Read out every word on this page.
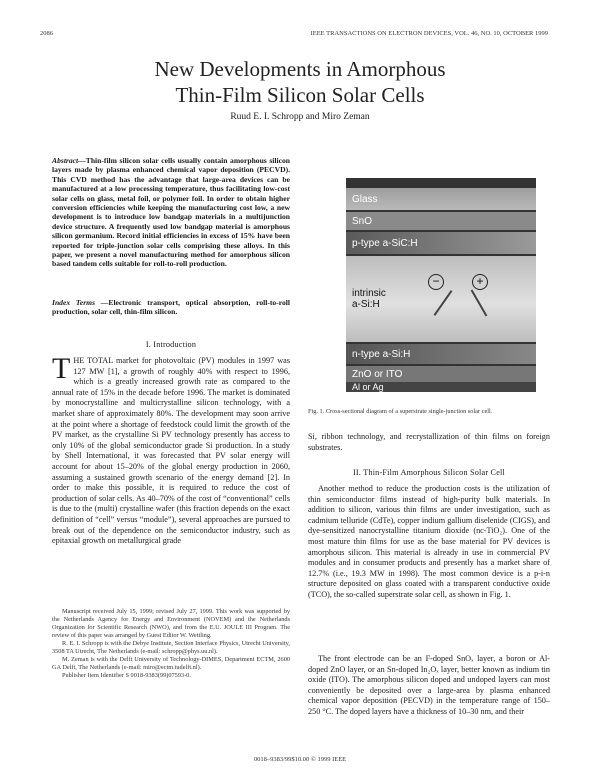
2086	IEEE TRANSACTIONS ON ELECTRON DEVICES, VOL. 46, NO. 10, OCTOBER 1999
New Developments in Amorphous
Thin-Film Silicon Solar Cells
Ruud E. I. Schropp and Miro Zeman
Abstract—Thin-film silicon solar cells usually contain amorphous silicon layers made by plasma enhanced chemical vapor deposition (PECVD). This CVD method has the advantage that large-area devices can be manufactured at a low processing temperature, thus facilitating low-cost solar cells on glass, metal foil, or polymer foil. In order to obtain higher conversion efficiencies while keeping the manufacturing cost low, a new development is to introduce low bandgap materials in a multijunction device structure. A frequently used low bandgap material is amorphous silicon germanium. Record initial efficiencies in excess of 15% have been reported for triple-junction solar cells comprising these alloys. In this paper, we present a novel manufacturing method for amorphous silicon based tandem cells suitable for roll-to-roll production.
Index Terms —Electronic transport, optical absorption, roll-to-roll production, solar cell, thin-film silicon.
I. Introduction
THE TOTAL market for photovoltaic (PV) modules in 1997 was 127 MW [1], a growth of roughly 40% with respect to 1996, which is a greatly increased growth rate as compared to the annual rate of 15% in the decade before 1996. The market is dominated by monocrystalline and multicrystalline silicon technology, with a market share of approximately 80%. The development may soon arrive at the point where a shortage of feedstock could limit the growth of the PV market, as the crystalline Si PV technology presently has access to only 10% of the global semiconductor grade Si production. In a study by Shell International, it was forecasted that PV solar energy will account for about 15–20% of the global energy production in 2060, assuming a sustained growth scenario of the energy demand [2]. In order to make this possible, it is required to reduce the cost of production of solar cells. As 40–70% of the cost of “conventional” cells is due to the (multi) crystalline wafer (this fraction depends on the exact definition of “cell” versus “module”), several approaches are pursued to break out of the dependence on the semiconductor industry, such as epitaxial growth on metallurgical grade
Manuscript received July 15, 1999; revised July 27, 1999. This work was supported by the Netherlands Agency for Energy and Environment (NOVEM) and the Netherlands Organization for Scientific Research (NWO), and from the E.U. JOULE III Program. The review of this paper was arranged by Guest Editor W. Wettling.
R. E. I. Schropp is with the Debye Institute, Section Interface Physics, Utrecht University, 3508 TA Utrecht, The Netherlands (e-mail: schropp@phys.uu.nl).
M. Zeman is with the Delft University of Technology-DIMES, Department ECTM, 2600 GA Delft, The Netherlands (e-mail: miro@ectm.tudelft.nl).
Publisher Item Identifier S 0018-9383(99)07593-0.
Glass
SnO
p-type a-SiC:H
intrinsic
a-Si:H
−	+
n-type a-Si:H
ZnO or ITO
Al or Ag
Fig. 1. Cross-sectional diagram of a superstrate single-junction solar cell.
Si, ribbon technology, and recrystallization of thin films on foreign substrates.
II. Thin-Film Amorphous Silicon Solar Cell
Another method to reduce the production costs is the utilization of thin semiconductor films instead of high-purity bulk materials. In addition to silicon, various thin films are under investigation, such as cadmium telluride (CdTe), copper indium gallium diselenide (CIGS), and dye-sensitized nanocrystalline titanium dioxide (nc-TiO₂). One of the most mature thin films for use as the base material for PV devices is amorphous silicon. This material is already in use in commercial PV modules and in consumer products and presently has a market share of 12.7% (i.e., 19.3 MW in 1998). The most common device is a p-i-n structure deposited on glass coated with a transparent conductive oxide (TCO), the so-called superstrate solar cell, as shown in Fig. 1.
The front electrode can be an F-doped SnOₓ layer, a boron or Al-doped ZnO layer, or an Sn-doped In₂Oₓ layer, better known as indium tin oxide (ITO). The amorphous silicon doped and undoped layers can most conveniently be deposited over a large-area by plasma enhanced chemical vapor deposition (PECVD) in the temperature range of 150–250 °C. The doped layers have a thickness of 10–30 nm, and their
0018–9383/99$10.00 © 1999 IEEE
